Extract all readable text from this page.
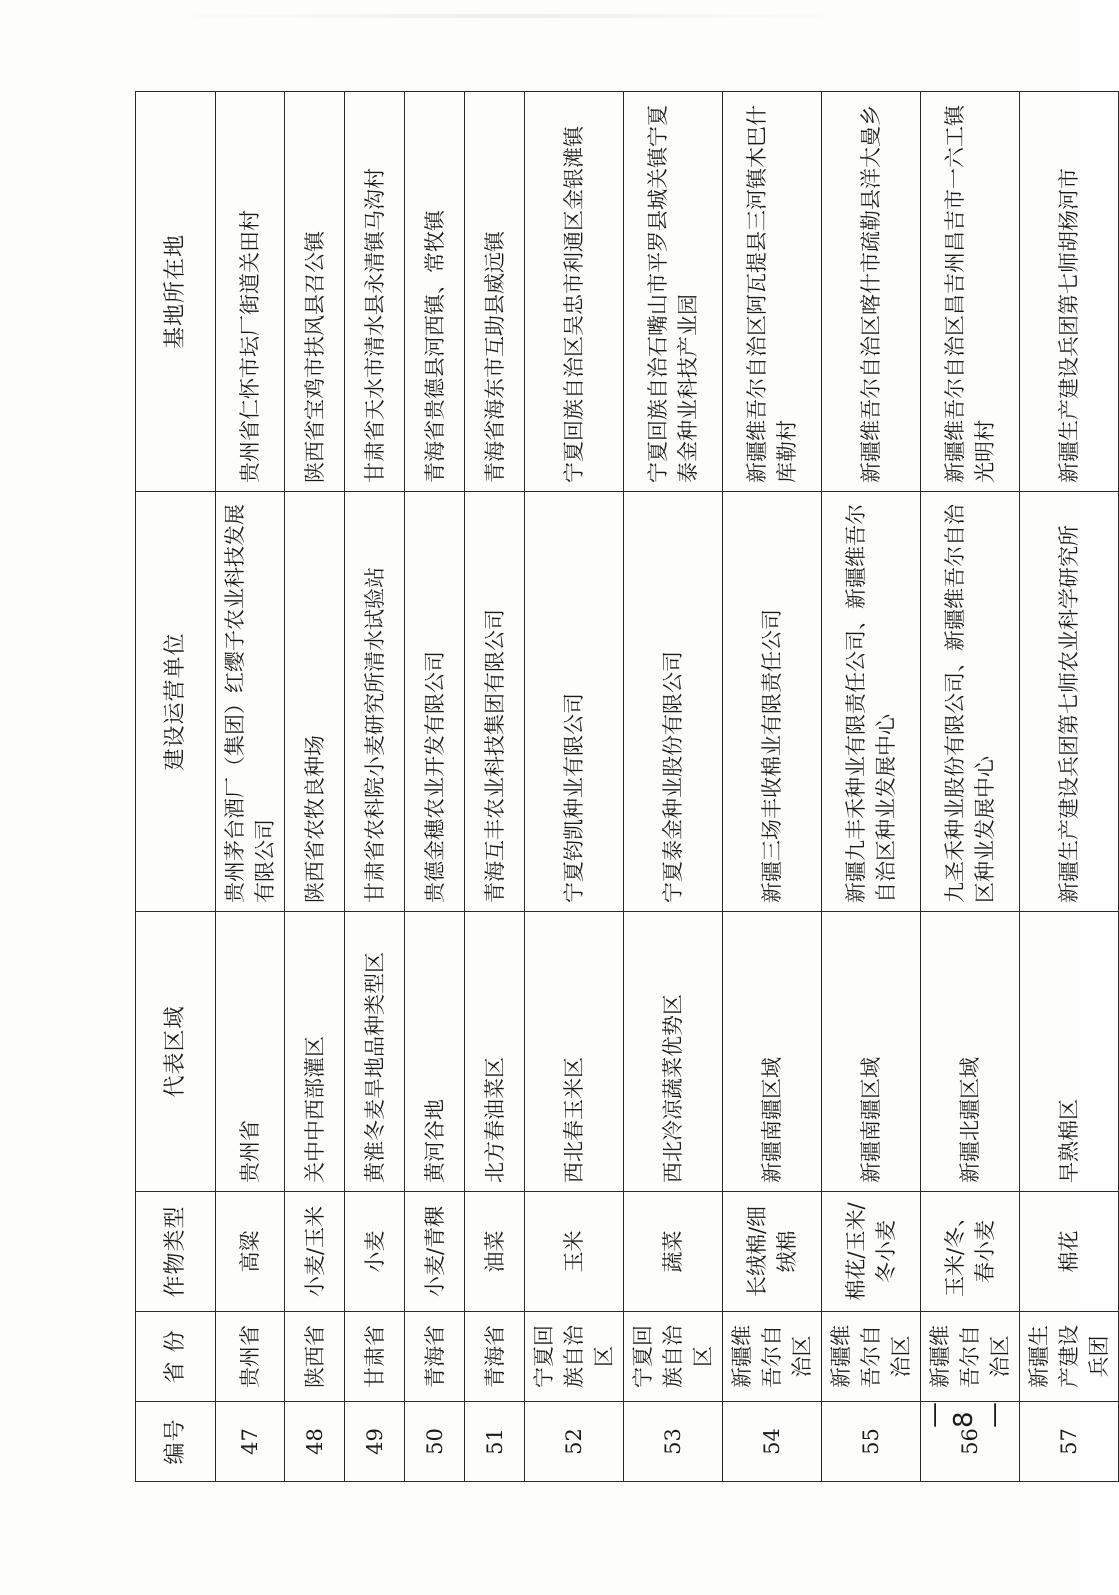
编号	省 份	作物类型	代表区域	建设运营单位	基地所在地
47	贵州省	高粱	贵州省	贵州茅台酒厂（集团）红缨子农业科技发展有限公司	贵州省仁怀市坛厂街道关田村
48	陕西省	小麦/玉米	关中中西部灌区	陕西省农牧良种场	陕西省宝鸡市扶风县召公镇
49	甘肃省	小麦	黄淮冬麦旱地品种类型区	甘肃省农科院小麦研究所清水试验站	甘肃省天水市清水县永清镇马沟村
50	青海省	小麦/青稞	黄河谷地	贵德金穗农业开发有限公司	青海省贵德县河西镇、常牧镇
51	青海省	油菜	北方春油菜区	青海互丰农业科技集团有限公司	青海省海东市互助县威远镇
52	宁夏回族自治区	玉米	西北春玉米区	宁夏钧凯种业有限公司	宁夏回族自治区吴忠市利通区金银滩镇
53	宁夏回族自治区	蔬菜	西北冷凉蔬菜优势区	宁夏泰金种业股份有限公司	宁夏回族自治石嘴山市平罗县城关镇宁夏泰金种业科技产业园
54	新疆维吾尔自治区	长绒棉/细绒棉	新疆南疆区域	新疆三场丰收棉业有限责任公司	新疆维吾尔自治区阿瓦提县三河镇木巴什库勒村
55	新疆维吾尔自治区	棉花/玉米/冬小麦	新疆南疆区域	新疆九丰禾种业有限责任公司、新疆维吾尔自治区种业发展中心	新疆维吾尔自治区喀什市疏勒县洋大曼乡
56	新疆维吾尔自治区	玉米/冬、春小麦	新疆北疆区域	九圣禾种业股份有限公司、新疆维吾尔自治区种业发展中心	新疆维吾尔自治区昌吉州昌吉市一六工镇光明村
57	新疆生产建设兵团	棉花	早熟棉区	新疆生产建设兵团第七师农业科学研究所	新疆生产建设兵团第七师胡杨河市
— 8 —
